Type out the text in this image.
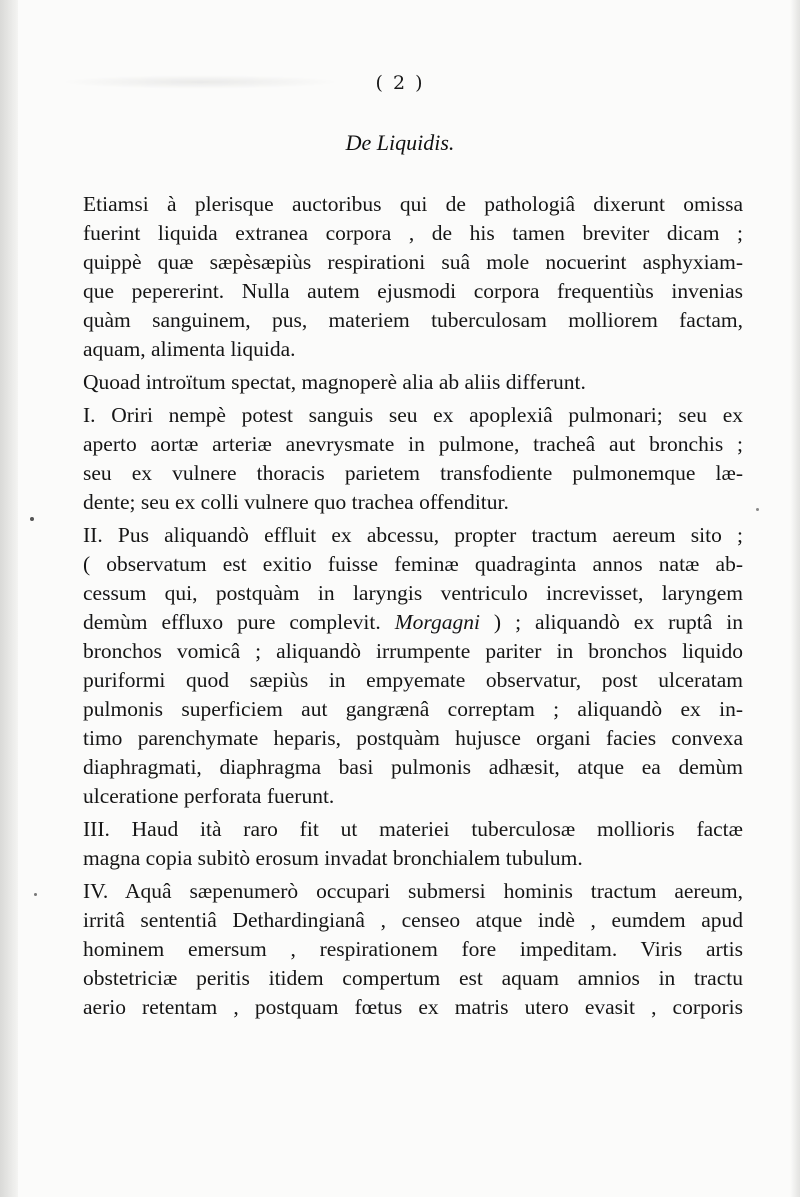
( 2 )
De Liquidis.
Etiamsi à plerisque auctoribus qui de pathologiâ dixerunt omissa
fuerint liquida extranea corpora , de his tamen breviter dicam ;
quippè quæ sæpèsæpiùs respirationi suâ mole nocuerint asphyxiam-
que pepererint. Nulla autem ejusmodi corpora frequentiùs invenias
quàm sanguinem, pus, materiem tuberculosam molliorem factam,
aquam, alimenta liquida.
Quoad introïtum spectat, magnoperè alia ab aliis differunt.
I. Oriri nempè potest sanguis seu ex apoplexiâ pulmonari; seu ex
aperto aortæ arteriæ anevrysmate in pulmone, tracheâ aut bronchis ;
seu ex vulnere thoracis parietem transfodiente pulmonemque læ-
dente; seu ex colli vulnere quo trachea offenditur.
II. Pus aliquandò effluit ex abcessu, propter tractum aereum sito ;
( observatum est exitio fuisse feminæ quadraginta annos natæ ab-
cessum qui, postquàm in laryngis ventriculo increvisset, laryngem
demùm effluxo pure complevit. Morgagni ) ; aliquandò ex ruptâ in
bronchos vomicâ ; aliquandò irrumpente pariter in bronchos liquido
puriformi quod sæpiùs in empyemate observatur, post ulceratam
pulmonis superficiem aut gangrænâ correptam ; aliquandò ex in-
timo parenchymate heparis, postquàm hujusce organi facies convexa
diaphragmati, diaphragma basi pulmonis adhæsit, atque ea demùm
ulceratione perforata fuerunt.
III. Haud ità raro fit ut materiei tuberculosæ mollioris factæ
magna copia subitò erosum invadat bronchialem tubulum.
IV. Aquâ sæpenumerò occupari submersi hominis tractum aereum,
irritâ sententiâ Dethardingianâ , censeo atque indè , eumdem apud
hominem emersum , respirationem fore impeditam. Viris artis
obstetriciæ peritis itidem compertum est aquam amnios in tractu
aerio retentam , postquam fœtus ex matris utero evasit , corporis
